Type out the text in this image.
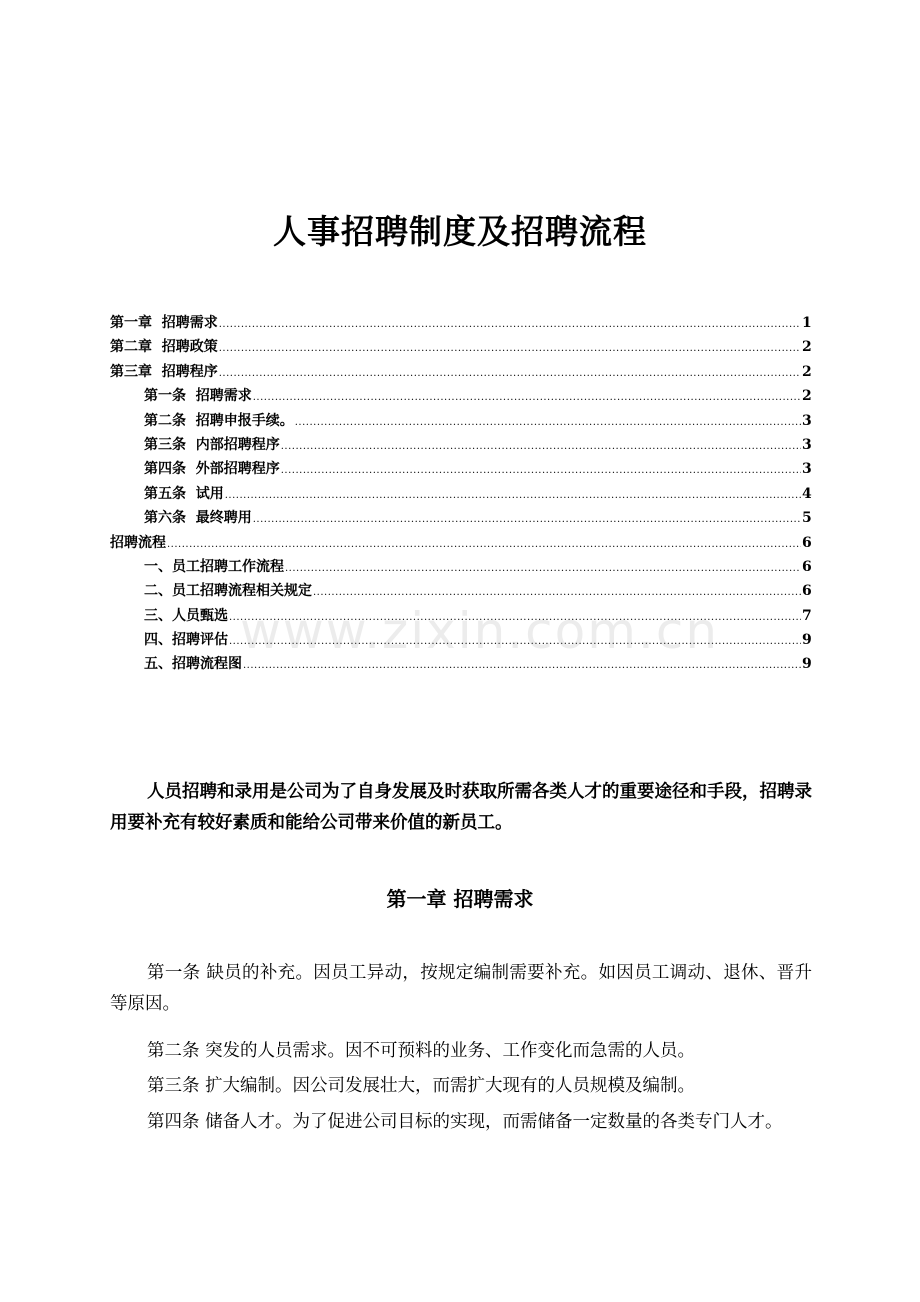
人事招聘制度及招聘流程
第一章  招聘需求 .....	1
第二章  招聘政策 .....	2
第三章  招聘程序 .....	2
第一条  招聘需求 .....	2
第二条  招聘申报手续。 .....	3
第三条  内部招聘程序 .....	3
第四条  外部招聘程序 .....	3
第五条  试用 .....	4
第六条  最终聘用 .....	5
招聘流程 .....	6
一、员工招聘工作流程 .....	6
二、员工招聘流程相关规定 .....	6
三、人员甄选 .....	7
四、招聘评估 .....	9
五、招聘流程图 .....	9
www.zixin.com.cn
人员招聘和录用是公司为了自身发展及时获取所需各类人才的重要途径和手段，招聘录用要补充有较好素质和能给公司带来价值的新员工。
第一章 招聘需求
第一条 缺员的补充。因员工异动，按规定编制需要补充。如因员工调动、退休、晋升等原因。
第二条 突发的人员需求。因不可预料的业务、工作变化而急需的人员。
第三条 扩大编制。因公司发展壮大，而需扩大现有的人员规模及编制。
第四条 储备人才。为了促进公司目标的实现，而需储备一定数量的各类专门人才。
